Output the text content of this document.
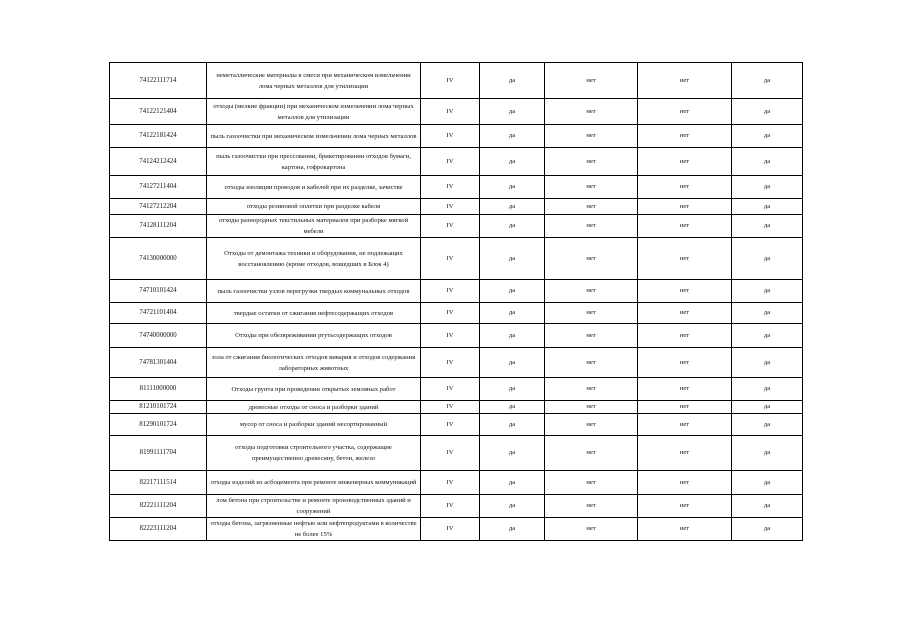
74122111714	неметаллические материалы в смеси при механическом измельчении лома черных металлов для утилизации	IV	да	нет	нет	да
74122121404	отходы (мелкие фракции) при механическом измельчении лома черных металлов для утилизации	IV	да	нет	нет	да
74122181424	пыль газоочистки при механическом измельчении лома черных металлов	IV	да	нет	нет	да
74124212424	пыль газоочистки при прессовании, брикетировании отходов бумаги, картона, гофрокартона	IV	да	нет	нет	да
74127211404	отходы изоляции проводов и кабелей при их разделке, зачистке	IV	да	нет	нет	да
74127212204	отходы резиновой оплетки при разделке кабеля	IV	да	нет	нет	да
74128111204	отходы разнородных текстильных материалов при разборке мягкой мебели	IV	да	нет	нет	да
74130000000	Отходы от демонтажа техники и оборудования, не подлежащих восстановлению (кроме отходов, вошедших в Блок 4)	IV	да	нет	нет	да
74710101424	пыль газоочистки узлов перегрузки твердых коммунальных отходов	IV	да	нет	нет	да
74721101404	твердые остатки от сжигания нефтесодержащих отходов	IV	да	нет	нет	да
74740000000	Отходы при обезвреживании ртутьсодержащих отходов	IV	да	нет	нет	да
74781301404	зола от сжигания биологических отходов вивария и отходов содержания лабораторных животных	IV	да	нет	нет	да
81111000000	Отходы грунта при проведении открытых земляных работ	IV	да	нет	нет	да
81210101724	древесные отходы от сноса и разборки зданий	IV	да	нет	нет	да
81290101724	мусор от сноса и разборки зданий несортированный	IV	да	нет	нет	да
81991111704	отходы подготовки строительного участка, содержащие преимущественно древесину, бетон, железо	IV	да	нет	нет	да
82217111514	отходы изделий из асбоцемента при ремонте инженерных коммуникаций	IV	да	нет	нет	да
82221111204	лом бетона при строительстве и ремонте производственных зданий и сооружений	IV	да	нет	нет	да
82223111204	отходы бетона, загрязненные нефтью или нефтепродуктами в количестве не более 15%	IV	да	нет	нет	да
